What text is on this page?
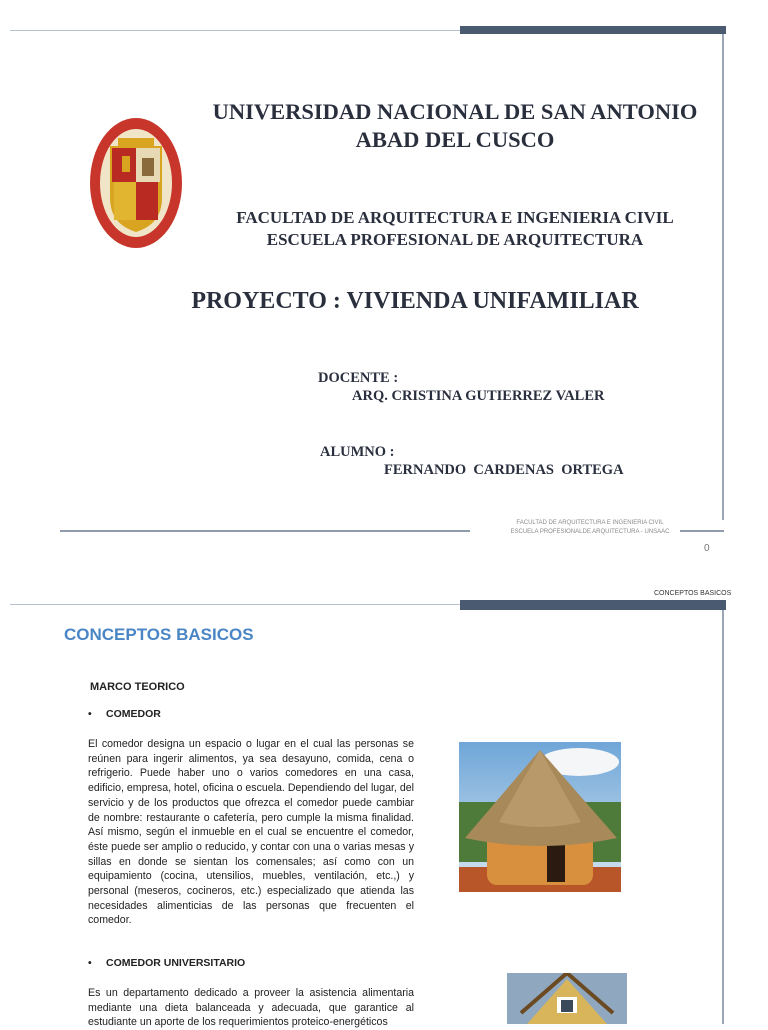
UNIVERSIDAD NACIONAL DE SAN ANTONIO
ABAD DEL CUSCO
FACULTAD DE ARQUITECTURA E INGENIERIA CIVIL
ESCUELA PROFESIONAL DE ARQUITECTURA
PROYECTO : VIVIENDA UNIFAMILIAR
DOCENTE :
ARQ. CRISTINA GUTIERREZ VALER
ALUMNO :
FERNANDO  CARDENAS  ORTEGA
FACULTAD DE ARQUITECTURA E INGENIERIA CIVIL
ESCUELA PROFESIONALDE ARQUITECTURA - UNSAAC
0
CONCEPTOS BASICOS
CONCEPTOS BASICOS
MARCO TEORICO
• COMEDOR
El comedor designa un espacio o lugar en el cual las personas se reúnen para ingerir alimentos, ya sea desayuno, comida, cena o refrigerio. Puede haber uno o varios comedores en una casa, edificio, empresa, hotel, oficina o escuela. Dependiendo del lugar, del servicio y de los productos que ofrezca el comedor puede cambiar de nombre: restaurante o cafetería, pero cumple la misma finalidad. Así mismo, según el inmueble en el cual se encuentre el comedor, éste puede ser amplio o reducido, y contar con una o varias mesas y sillas en donde se sientan los comensales; así como con un equipamiento (cocina, utensilios, muebles, ventilación, etc.,) y personal (meseros, cocineros, etc.) especializado que atienda las necesidades alimenticias de las personas que frecuenten el comedor.
• COMEDOR UNIVERSITARIO
Es un departamento dedicado a proveer la asistencia alimentaria mediante una dieta balanceada y adecuada, que garantice al estudiante un aporte de los requerimientos proteico-energéticos
